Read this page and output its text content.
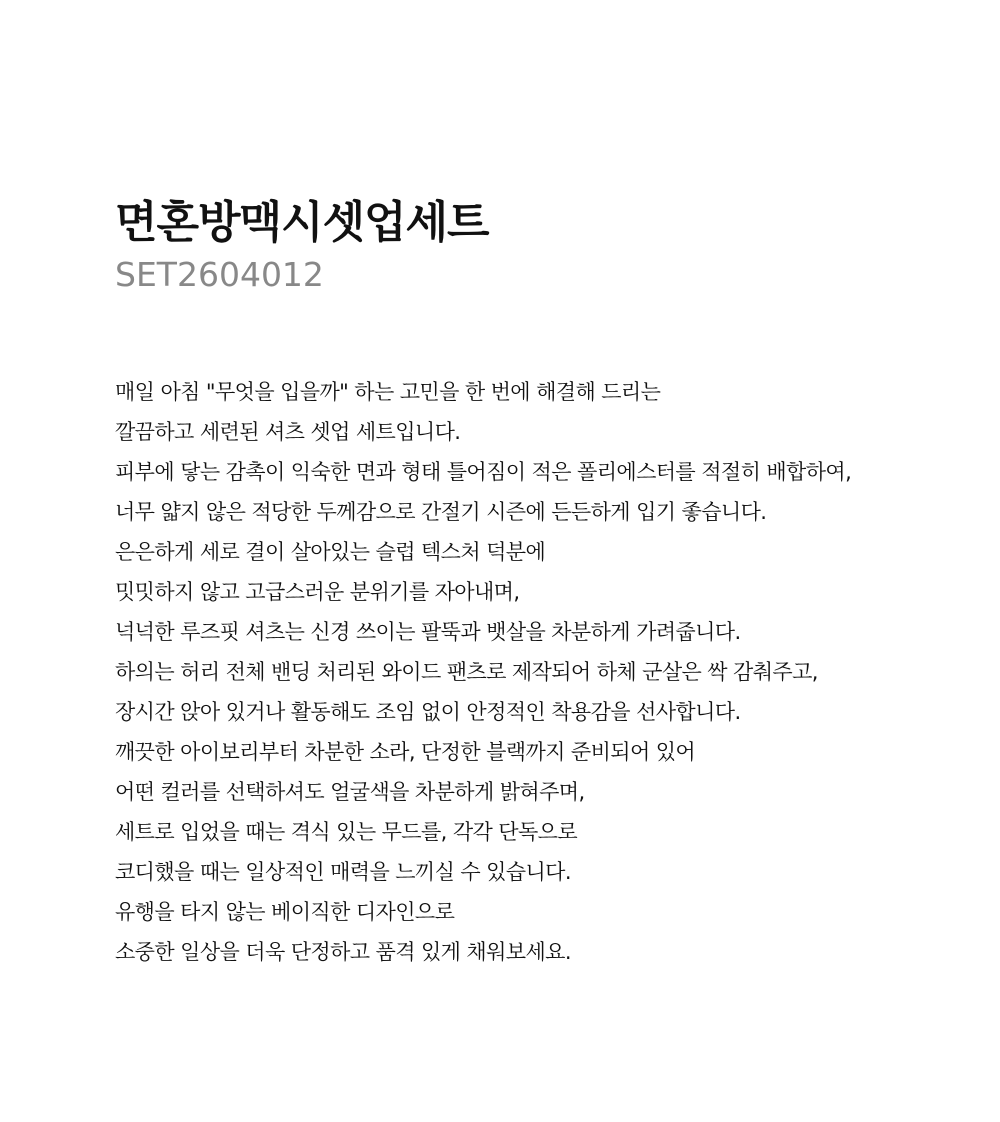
면혼방맥시셋업세트

SET2604012

매일 아침 "무엇을 입을까" 하는 고민을 한 번에 해결해 드리는
깔끔하고 세련된 셔츠 셋업 세트입니다.
피부에 닿는 감촉이 익숙한 면과 형태 틀어짐이 적은 폴리에스터를 적절히 배합하여,
너무 얇지 않은 적당한 두께감으로 간절기 시즌에 든든하게 입기 좋습니다.
은은하게 세로 결이 살아있는 슬럽 텍스처 덕분에
밋밋하지 않고 고급스러운 분위기를 자아내며,
넉넉한 루즈핏 셔츠는 신경 쓰이는 팔뚝과 뱃살을 차분하게 가려줍니다.
하의는 허리 전체 밴딩 처리된 와이드 팬츠로 제작되어 하체 군살은 싹 감춰주고,
장시간 앉아 있거나 활동해도 조임 없이 안정적인 착용감을 선사합니다.
깨끗한 아이보리부터 차분한 소라, 단정한 블랙까지 준비되어 있어
어떤 컬러를 선택하셔도 얼굴색을 차분하게 밝혀주며,
세트로 입었을 때는 격식 있는 무드를, 각각 단독으로
코디했을 때는 일상적인 매력을 느끼실 수 있습니다.
유행을 타지 않는 베이직한 디자인으로
소중한 일상을 더욱 단정하고 품격 있게 채워보세요.
